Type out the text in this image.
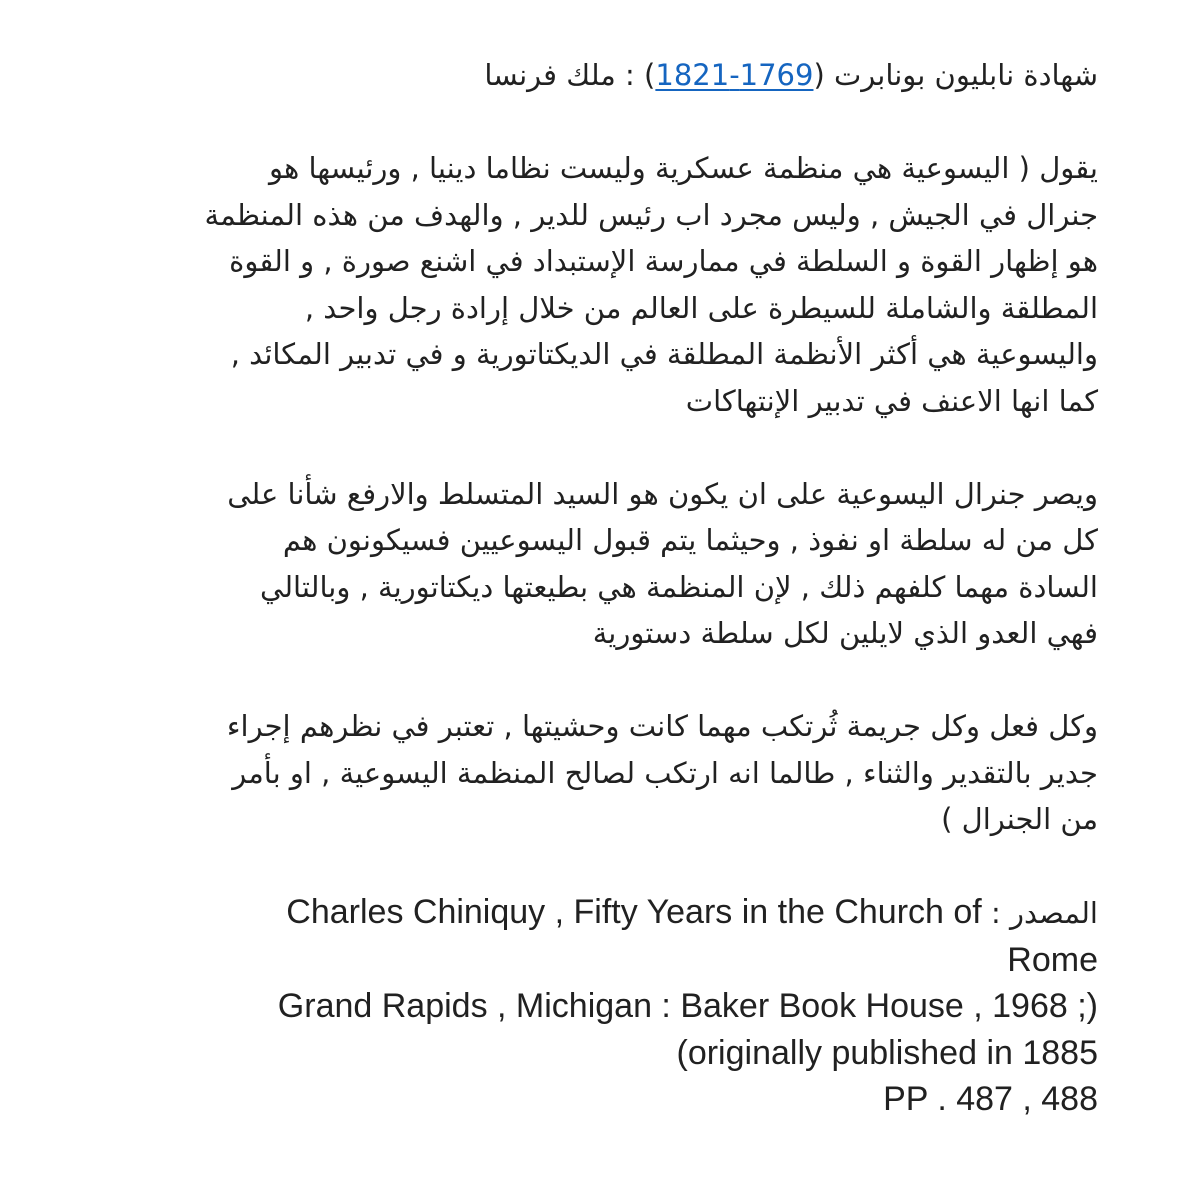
شهادة نابليون بونابرت (1769-1821) : ملك فرنسا
يقول ( اليسوعية هي منظمة عسكرية وليست نظاما دينيا , ورئيسها هو
جنرال في الجيش , وليس مجرد اب رئيس للدير , والهدف من هذه المنظمة
هو إظهار القوة و السلطة في ممارسة الإستبداد في اشنع صورة , و القوة
المطلقة والشاملة للسيطرة على العالم من خلال إرادة رجل واحد ,
واليسوعية هي أكثر الأنظمة المطلقة في الديكتاتورية و في تدبير المكائد ,
كما انها الاعنف في تدبير الإنتهاكات
ويصر جنرال اليسوعية على ان يكون هو السيد المتسلط والارفع شأنا على
كل من له سلطة او نفوذ , وحيثما يتم قبول اليسوعيين فسيكونون هم
السادة مهما كلفهم ذلك , لإن المنظمة هي بطيعتها ديكتاتورية , وبالتالي
فهي العدو الذي لايلين لكل سلطة دستورية
وكل فعل وكل جريمة ثُرتكب مهما كانت وحشيتها , تعتبر في نظرهم إجراء
جدير بالتقدير والثناء , طالما انه ارتكب لصالح المنظمة اليسوعية , او بأمر
من الجنرال )
المصدر : Charles Chiniquy , Fifty Years in the Church of
Rome
Grand Rapids , Michigan : Baker Book House , 1968 ;)
(originally published in 1885
PP . 487 , 488
